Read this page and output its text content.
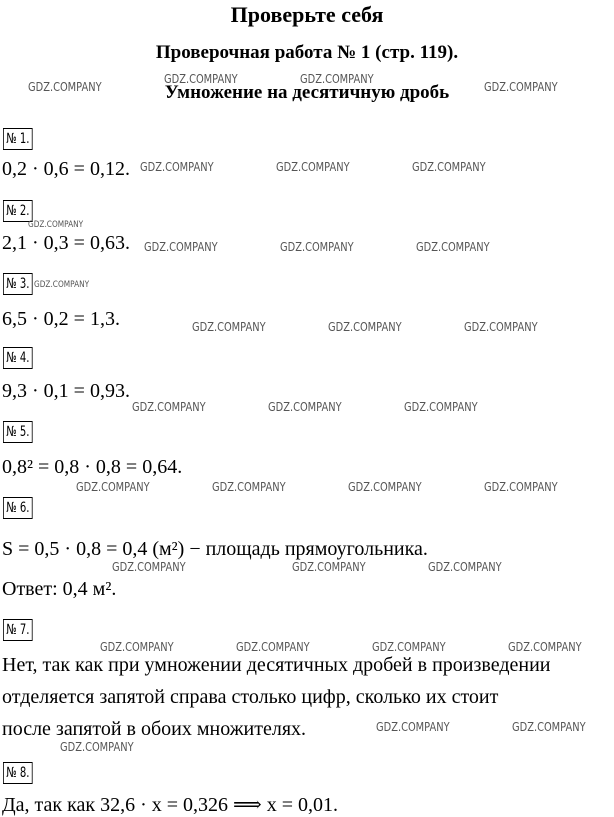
Проверьте себя
Проверочная работа № 1 (стр. 119).
Умножение на десятичную дробь
№ 1.
0,2 · 0,6 = 0,12.
№ 2.
2,1 · 0,3 = 0,63.
№ 3.
6,5 · 0,2 = 1,3.
№ 4.
9,3 · 0,1 = 0,93.
№ 5.
0,8² = 0,8 · 0,8 = 0,64.
№ 6.
S = 0,5 · 0,8 = 0,4 (м²) − площадь прямоугольника.
Ответ: 0,4 м².
№ 7.
Нет, так как при умножении десятичных дробей в произведении
отделяется запятой справа столько цифр, сколько их стоит
после запятой в обоих множителях.
№ 8.
Да, так как 32,6 · x = 0,326 ⟹ x = 0,01.
GDZ.COMPANY
GDZ.COMPANY	GDZ.COMPANY
GDZ.COMPANY
GDZ.COMPANY	GDZ.COMPANY	GDZ.COMPANY
GDZ.COMPANY
GDZ.COMPANY	GDZ.COMPANY	GDZ.COMPANY
GDZ.COMPANY
GDZ.COMPANY	GDZ.COMPANY	GDZ.COMPANY
GDZ.COMPANY	GDZ.COMPANY	GDZ.COMPANY
GDZ.COMPANY	GDZ.COMPANY	GDZ.COMPANY	GDZ.COMPANY
GDZ.COMPANY	GDZ.COMPANY	GDZ.COMPANY
GDZ.COMPANY	GDZ.COMPANY	GDZ.COMPANY	GDZ.COMPANY
GDZ.COMPANY
GDZ.COMPANY	GDZ.COMPANY
